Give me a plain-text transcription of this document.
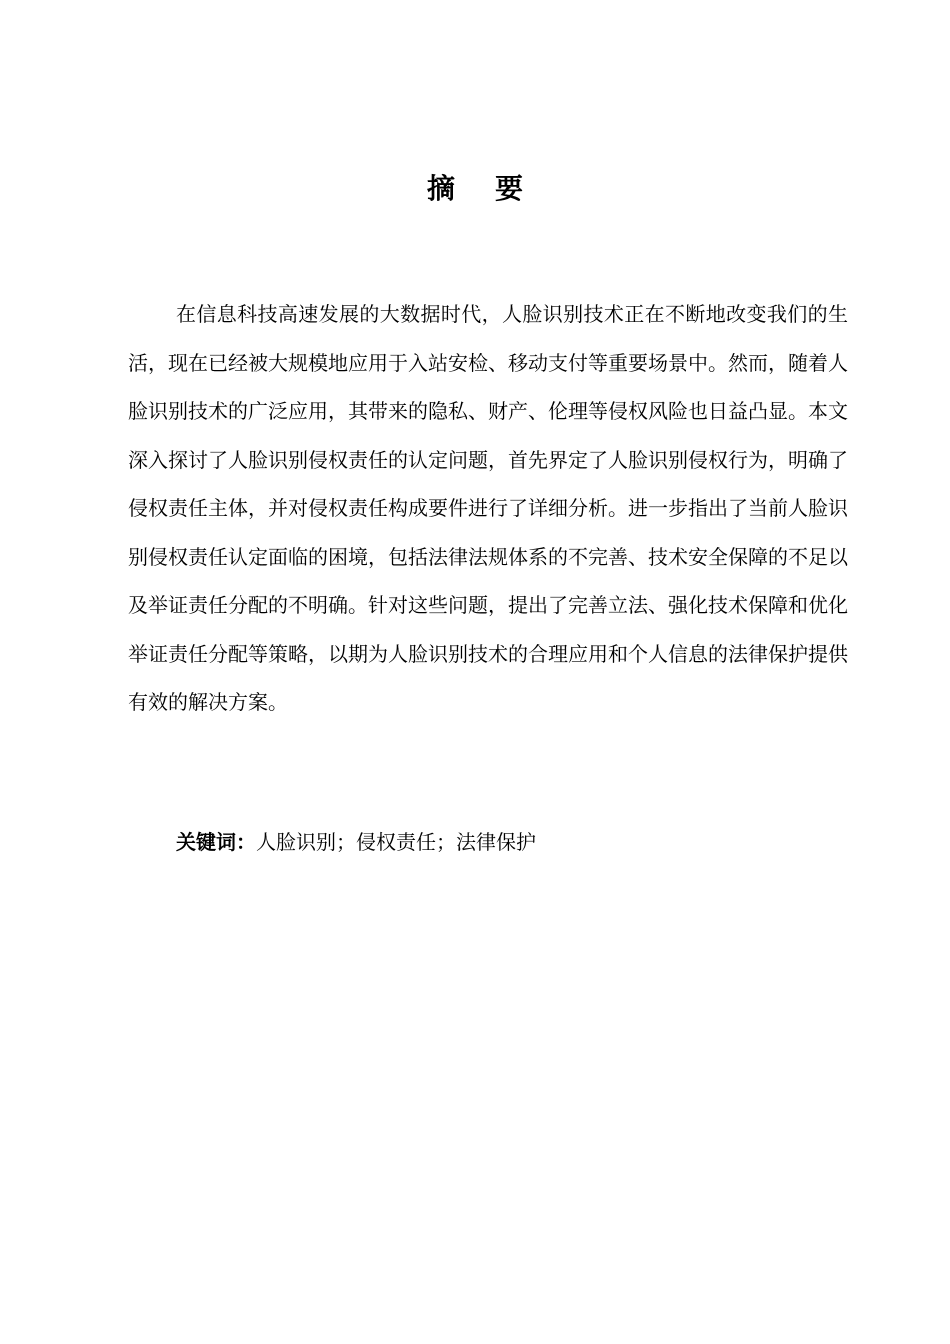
摘要

在信息科技高速发展的大数据时代，人脸识别技术正在不断地改变我们的生活，现在已经被大规模地应用于入站安检、移动支付等重要场景中。然而，随着人脸识别技术的广泛应用，其带来的隐私、财产、伦理等侵权风险也日益凸显。本文深入探讨了人脸识别侵权责任的认定问题，首先界定了人脸识别侵权行为，明确了侵权责任主体，并对侵权责任构成要件进行了详细分析。进一步指出了当前人脸识别侵权责任认定面临的困境，包括法律法规体系的不完善、技术安全保障的不足以及举证责任分配的不明确。针对这些问题，提出了完善立法、强化技术保障和优化举证责任分配等策略，以期为人脸识别技术的合理应用和个人信息的法律保护提供有效的解决方案。

关键词：人脸识别；侵权责任；法律保护
